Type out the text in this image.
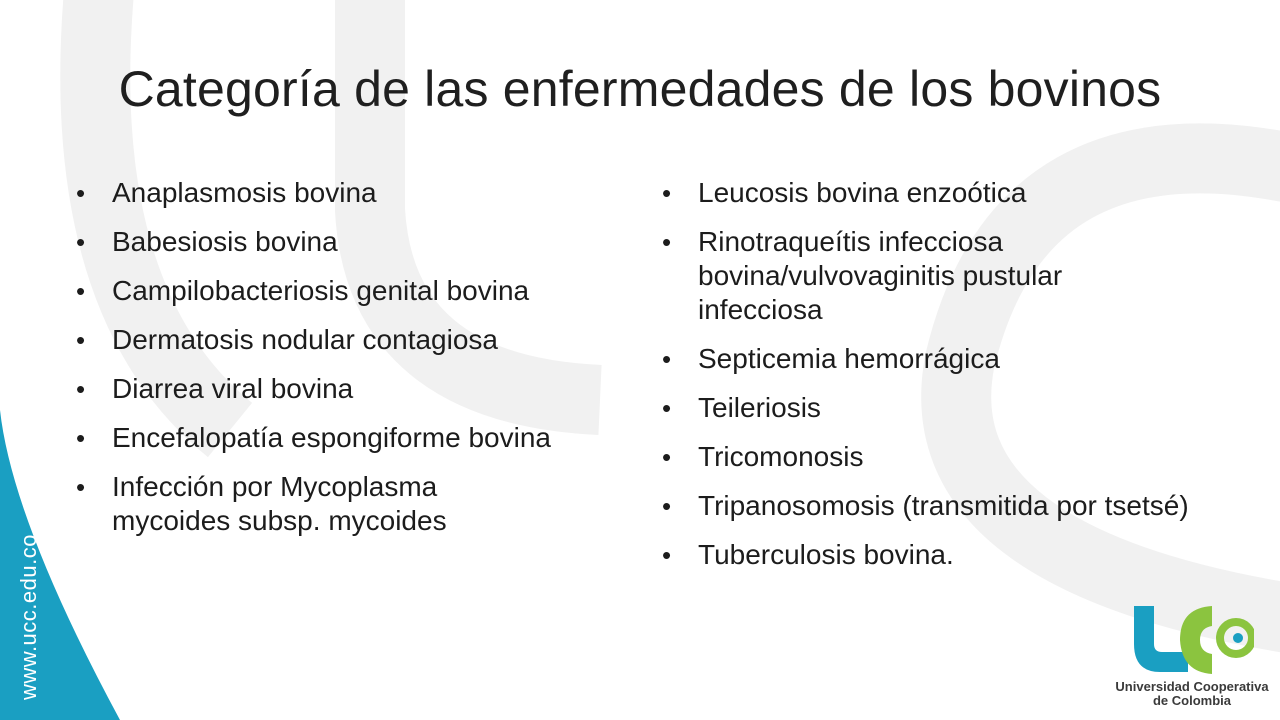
Categoría de las enfermedades de los bovinos
• Anaplasmosis bovina
• Babesiosis bovina
• Campilobacteriosis genital bovina
• Dermatosis nodular contagiosa
• Diarrea viral bovina
• Encefalopatía espongiforme bovina
• Infección por Mycoplasma mycoides subsp. mycoides
• Leucosis bovina enzoótica
• Rinotraqueítis infecciosa bovina/vulvovaginitis pustular infecciosa
• Septicemia hemorrágica
• Teileriosis
• Tricomonosis
• Tripanosomosis (transmitida por tsetsé)
• Tuberculosis bovina.
www.ucc.edu.co	Universidad Cooperativa
de Colombia
